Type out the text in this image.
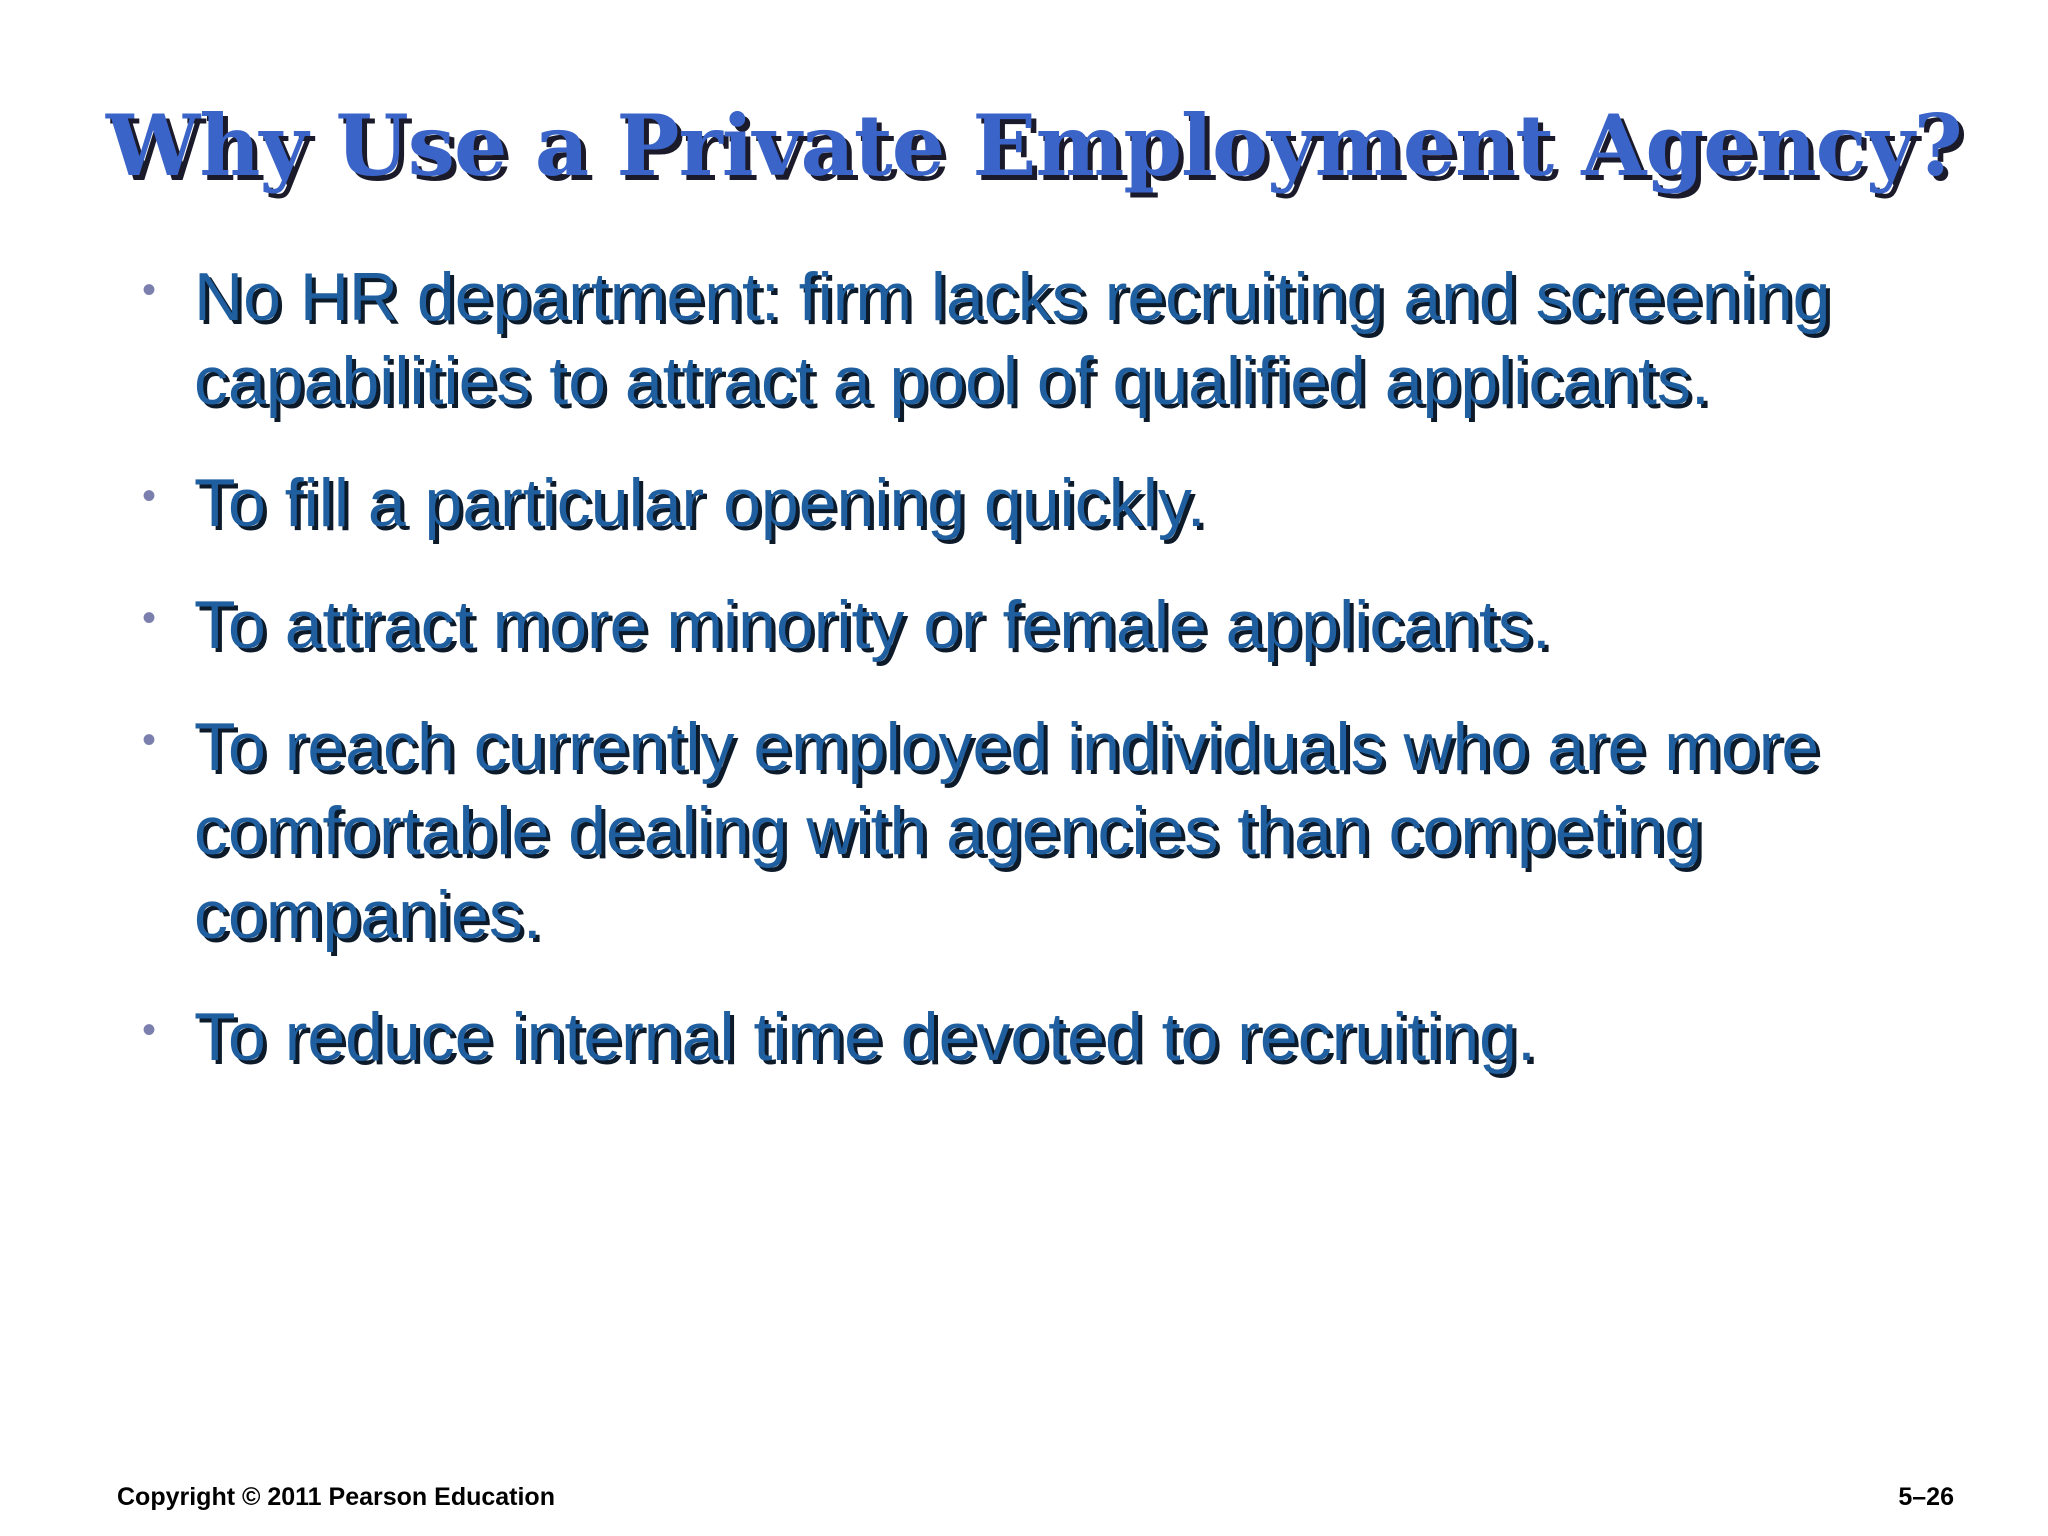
Why Use a Private Employment Agency?
• No HR department: firm lacks recruiting and screening capabilities to attract a pool of qualified applicants.
• To fill a particular opening quickly.
• To attract more minority or female applicants.
• To reach currently employed individuals who are more comfortable dealing with agencies than competing companies.
• To reduce internal time devoted to recruiting.
Copyright © 2011 Pearson Education	5–26
